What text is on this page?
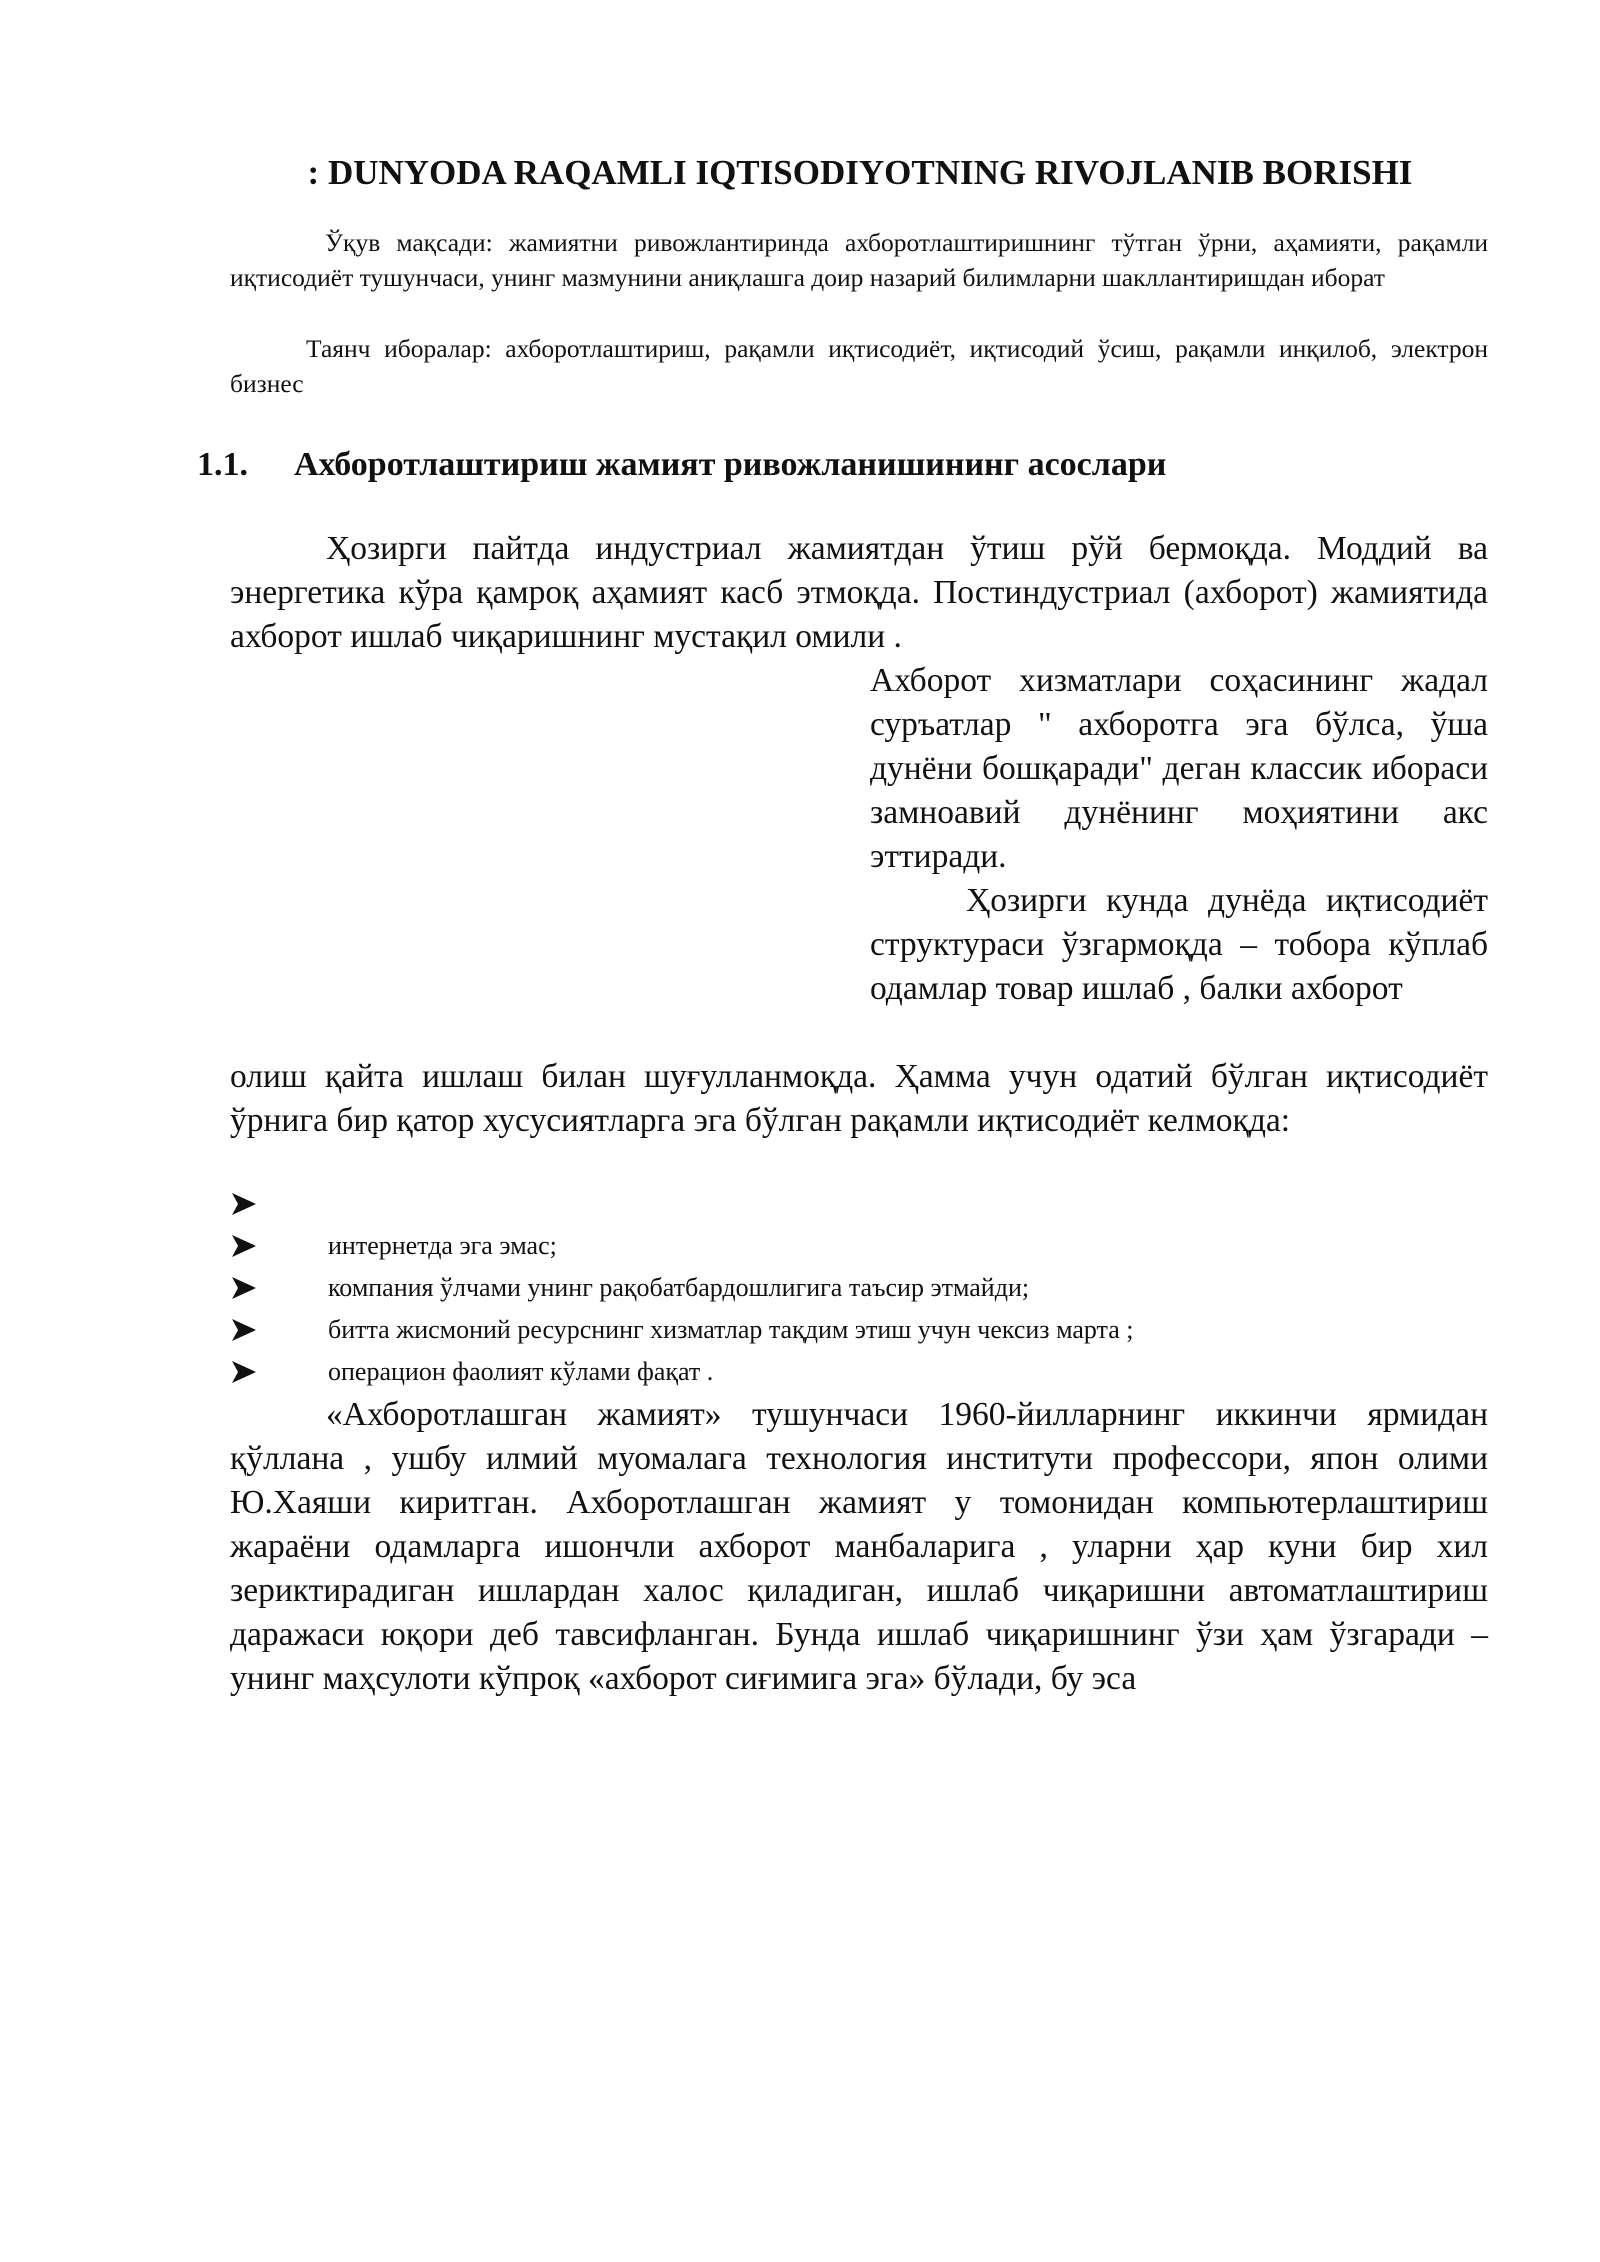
: DUNYODA RAQAMLI IQTISODIYOTNING RIVOJLANIB BORISHI

Ўқув мақсади: жамиятни ривожлантиринда ахборотлаштиришнинг тўтган ўрни, аҳамияти, рақамли иқтисодиёт тушунчаси, унинг мазмунини аниқлашга доир назарий билимларни шакллантиришдан иборат

Таянч иборалар: ахборотлаштириш, рақамли иқтисодиёт, иқтисодий ўсиш, рақамли инқилоб, электрон бизнес

1.1. Ахборотлаштириш жамият ривожланишининг асослари

Ҳозирги пайтда индустриал жамиятдан ўтиш рўй бермоқда. Моддий ва энергетика кўра қамроқ аҳамият касб этмоқда. Постиндустриал (ахборот) жамиятида ахборот ишлаб чиқаришнинг мустақил омили .

Ахборот хизматлари соҳасининг жадал суръатлар " ахборотга эга бўлса, ўша дунёни бошқаради" деган классик ибораси замноавий дунёнинг моҳиятини акс эттиради.

Ҳозирги кунда дунёда иқтисодиёт структураси ўзгармоқда – тобора кўплаб одамлар товар ишлаб , балки ахборот

олиш қайта ишлаш билан шуғулланмоқда. Ҳамма учун одатий бўлган иқтисодиёт ўрнига бир қатор хусусиятларга эга бўлган рақамли иқтисодиёт келмоқда:

интернетда эга эмас;
компания ўлчами унинг рақобатбардошлигига таъсир этмайди;
битта жисмоний ресурснинг хизматлар тақдим этиш учун чексиз марта ;
операцион фаолият кўлами фақат .

«Ахборотлашган жамият» тушунчаси 1960-йилларнинг иккинчи ярмидан қўллана , ушбу илмий муомалага технология институти профессори, япон олими Ю.Хаяши киритган. Ахборотлашган жамият у томонидан компьютерлаштириш жараёни одамларга ишончли ахборот манбаларига , уларни ҳар куни бир хил зериктирадиган ишлардан халос қиладиган, ишлаб чиқаришни автоматлаштириш даражаси юқори деб тавсифланган. Бунда ишлаб чиқаришнинг ўзи ҳам ўзгаради – унинг маҳсулоти кўпроқ «ахборот сиғимига эга» бўлади, бу эса
